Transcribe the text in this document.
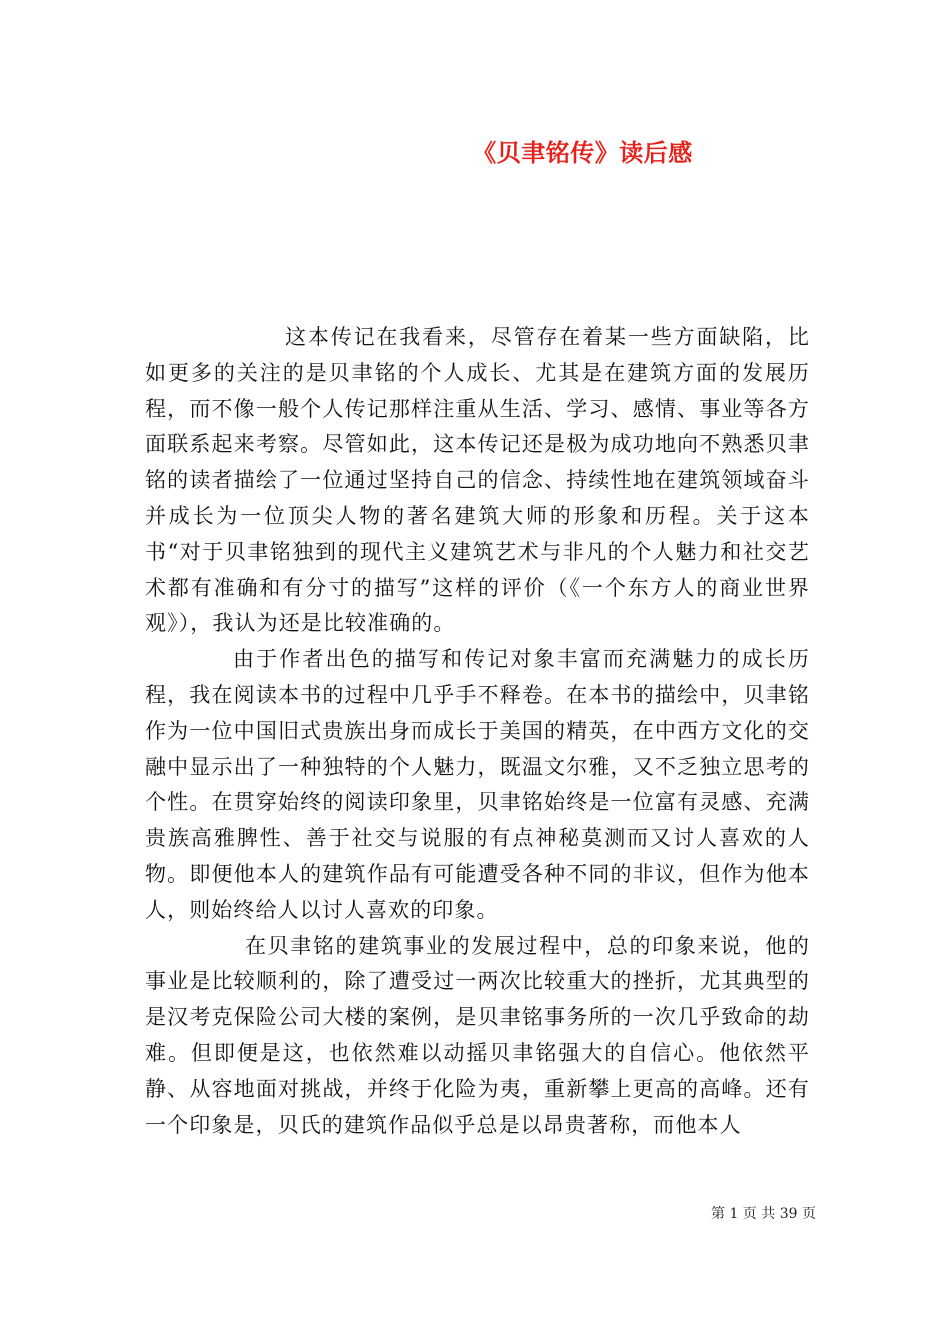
《贝聿铭传》读后感

这本传记在我看来，尽管存在着某一些方面缺陷，比如更多的关注的是贝聿铭的个人成长、尤其是在建筑方面的发展历程，而不像一般个人传记那样注重从生活、学习、感情、事业等各方面联系起来考察。尽管如此，这本传记还是极为成功地向不熟悉贝聿铭的读者描绘了一位通过坚持自己的信念、持续性地在建筑领域奋斗并成长为一位顶尖人物的著名建筑大师的形象和历程。关于这本书“对于贝聿铭独到的现代主义建筑艺术与非凡的个人魅力和社交艺术都有准确和有分寸的描写”这样的评价（《一个东方人的商业世界观》），我认为还是比较准确的。

由于作者出色的描写和传记对象丰富而充满魅力的成长历程，我在阅读本书的过程中几乎手不释卷。在本书的描绘中，贝聿铭作为一位中国旧式贵族出身而成长于美国的精英，在中西方文化的交融中显示出了一种独特的个人魅力，既温文尔雅，又不乏独立思考的个性。在贯穿始终的阅读印象里，贝聿铭始终是一位富有灵感、充满贵族高雅脾性、善于社交与说服的有点神秘莫测而又讨人喜欢的人物。即便他本人的建筑作品有可能遭受各种不同的非议，但作为他本人，则始终给人以讨人喜欢的印象。

在贝聿铭的建筑事业的发展过程中，总的印象来说，他的事业是比较顺利的，除了遭受过一两次比较重大的挫折，尤其典型的是汉考克保险公司大楼的案例，是贝聿铭事务所的一次几乎致命的劫难。但即便是这，也依然难以动摇贝聿铭强大的自信心。他依然平静、从容地面对挑战，并终于化险为夷，重新攀上更高的高峰。还有一个印象是，贝氏的建筑作品似乎总是以昂贵著称，而他本人

第 1 页 共 39 页
